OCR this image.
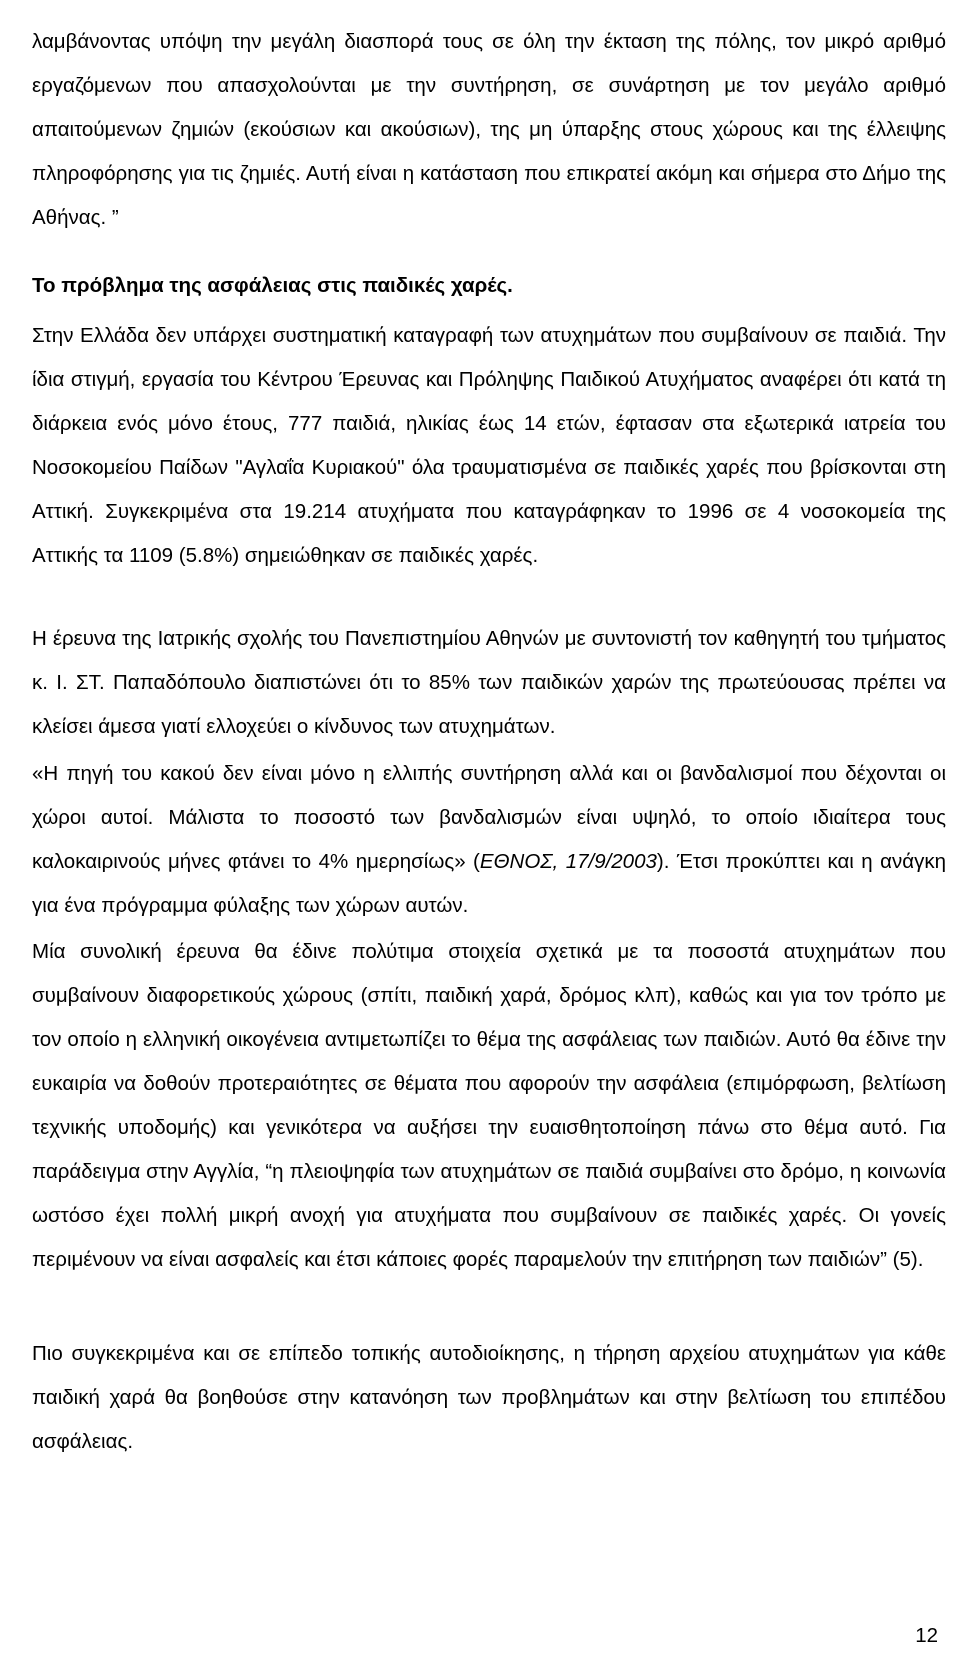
λαμβάνοντας υπόψη την μεγάλη διασπορά τους σε όλη την έκταση της πόλης, τον μικρό αριθμό εργαζόμενων που απασχολούνται με την συντήρηση, σε συνάρτηση με τον μεγάλο αριθμό απαιτούμενων ζημιών (εκούσιων και ακούσιων), της μη ύπαρξης στους χώρους και της έλλειψης πληροφόρησης για τις ζημιές. Αυτή είναι η κατάσταση που επικρατεί ακόμη και σήμερα στο Δήμο της Αθήνας. ”

Το πρόβλημα της ασφάλειας στις παιδικές χαρές.

Στην Ελλάδα δεν υπάρχει συστηματική καταγραφή των ατυχημάτων που συμβαίνουν σε παιδιά. Την ίδια στιγμή, εργασία του Κέντρου Έρευνας και Πρόληψης Παιδικού Ατυχήματος αναφέρει ότι κατά τη διάρκεια ενός μόνο έτους, 777 παιδιά, ηλικίας έως 14 ετών, έφτασαν στα εξωτερικά ιατρεία του Νοσοκομείου Παίδων "Αγλαΐα Κυριακού" όλα τραυματισμένα σε παιδικές χαρές που βρίσκονται στη Αττική. Συγκεκριμένα στα 19.214 ατυχήματα που καταγράφηκαν το 1996 σε 4 νοσοκομεία της Αττικής τα 1109 (5.8%) σημειώθηκαν σε παιδικές χαρές.

Η έρευνα της Ιατρικής σχολής του Πανεπιστημίου Αθηνών με συντονιστή τον καθηγητή του τμήματος κ. Ι. ΣΤ. Παπαδόπουλο διαπιστώνει ότι το 85% των παιδικών χαρών της πρωτεύουσας πρέπει να κλείσει άμεσα γιατί ελλοχεύει ο κίνδυνος των ατυχημάτων.

«Η πηγή του κακού δεν είναι μόνο η ελλιπής συντήρηση αλλά και οι βανδαλισμοί που δέχονται οι χώροι αυτοί. Μάλιστα το ποσοστό των βανδαλισμών είναι υψηλό, το οποίο ιδιαίτερα τους καλοκαιρινούς μήνες φτάνει το 4% ημερησίως» (ΕΘΝΟΣ, 17/9/2003). Έτσι προκύπτει και η ανάγκη για ένα πρόγραμμα φύλαξης των χώρων αυτών.

Μία συνολική έρευνα θα έδινε πολύτιμα στοιχεία σχετικά με τα ποσοστά ατυχημάτων που συμβαίνουν διαφορετικούς χώρους (σπίτι, παιδική χαρά, δρόμος κλπ), καθώς και για τον τρόπο με τον οποίο η ελληνική οικογένεια αντιμετωπίζει το θέμα της ασφάλειας των παιδιών. Αυτό θα έδινε την ευκαιρία να δοθούν προτεραιότητες σε θέματα που αφορούν την ασφάλεια (επιμόρφωση, βελτίωση τεχνικής υποδομής) και γενικότερα να αυξήσει την ευαισθητοποίηση πάνω στο θέμα αυτό. Για παράδειγμα στην Αγγλία, “η πλειοψηφία των ατυχημάτων σε παιδιά συμβαίνει στο δρόμο, η κοινωνία ωστόσο έχει πολλή μικρή ανοχή για ατυχήματα που συμβαίνουν σε παιδικές χαρές. Οι γονείς περιμένουν να είναι ασφαλείς και έτσι κάποιες φορές παραμελούν την επιτήρηση των παιδιών” (5).

Πιο συγκεκριμένα και σε επίπεδο τοπικής αυτοδιοίκησης, η τήρηση αρχείου ατυχημάτων για κάθε παιδική χαρά θα βοηθούσε στην κατανόηση των προβλημάτων και στην βελτίωση του επιπέδου ασφάλειας.

12
